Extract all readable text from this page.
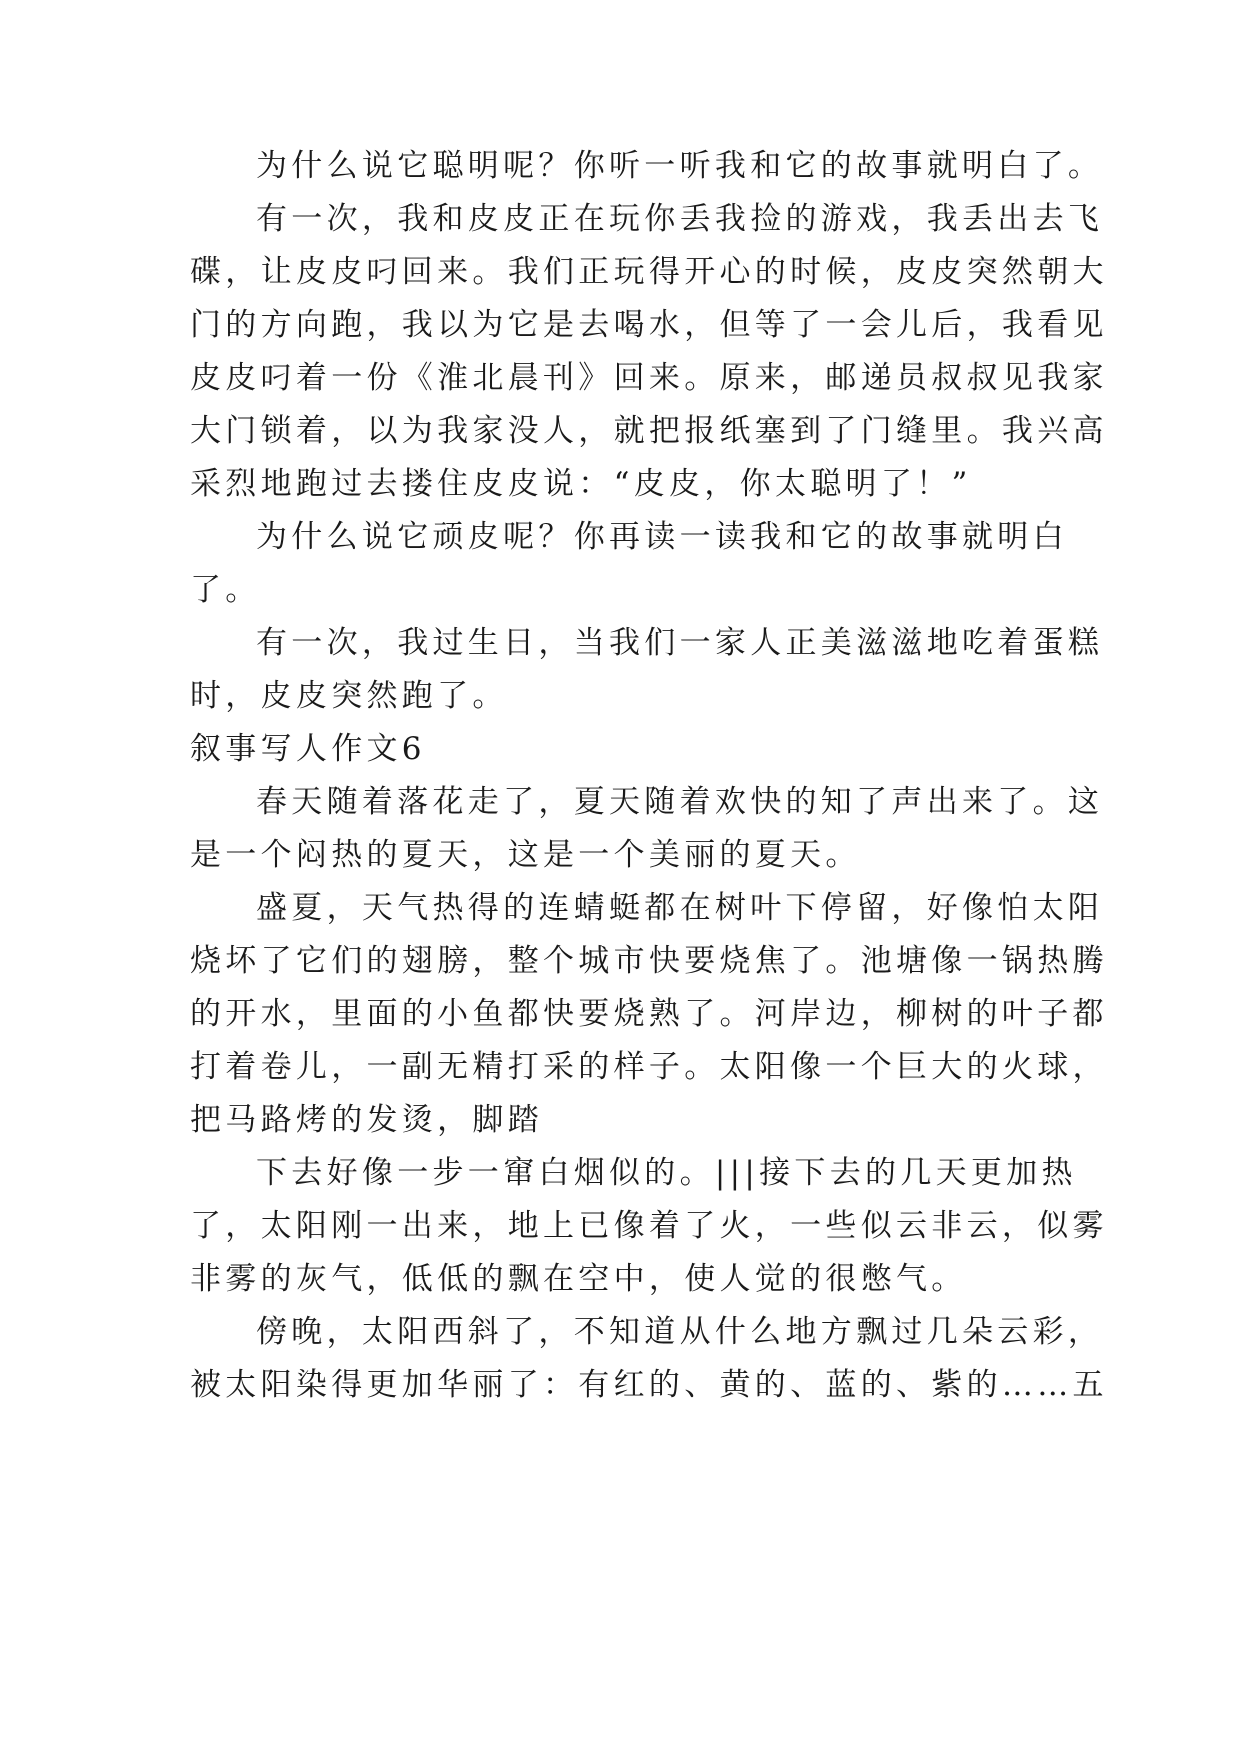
为什么说它聪明呢？你听一听我和它的故事就明白了。
有一次，我和皮皮正在玩你丢我捡的游戏，我丢出去飞
碟，让皮皮叼回来。我们正玩得开心的时候，皮皮突然朝大
门的方向跑，我以为它是去喝水，但等了一会儿后，我看见
皮皮叼着一份《淮北晨刊》回来。原来，邮递员叔叔见我家
大门锁着，以为我家没人，就把报纸塞到了门缝里。我兴高
采烈地跑过去搂住皮皮说：“皮皮，你太聪明了！”
为什么说它顽皮呢？你再读一读我和它的故事就明白
了。
有一次，我过生日，当我们一家人正美滋滋地吃着蛋糕
时，皮皮突然跑了。
叙事写人作文6
春天随着落花走了，夏天随着欢快的知了声出来了。这
是一个闷热的夏天，这是一个美丽的夏天。
盛夏，天气热得的连蜻蜓都在树叶下停留，好像怕太阳
烧坏了它们的翅膀，整个城市快要烧焦了。池塘像一锅热腾
的开水，里面的小鱼都快要烧熟了。河岸边，柳树的叶子都
打着卷儿，一副无精打采的样子。太阳像一个巨大的火球，
把马路烤的发烫，脚踏
下去好像一步一窜白烟似的。|||接下去的几天更加热
了，太阳刚一出来，地上已像着了火，一些似云非云，似雾
非雾的灰气，低低的飘在空中，使人觉的很憋气。
傍晚，太阳西斜了，不知道从什么地方飘过几朵云彩，
被太阳染得更加华丽了：有红的、黄的、蓝的、紫的……五
